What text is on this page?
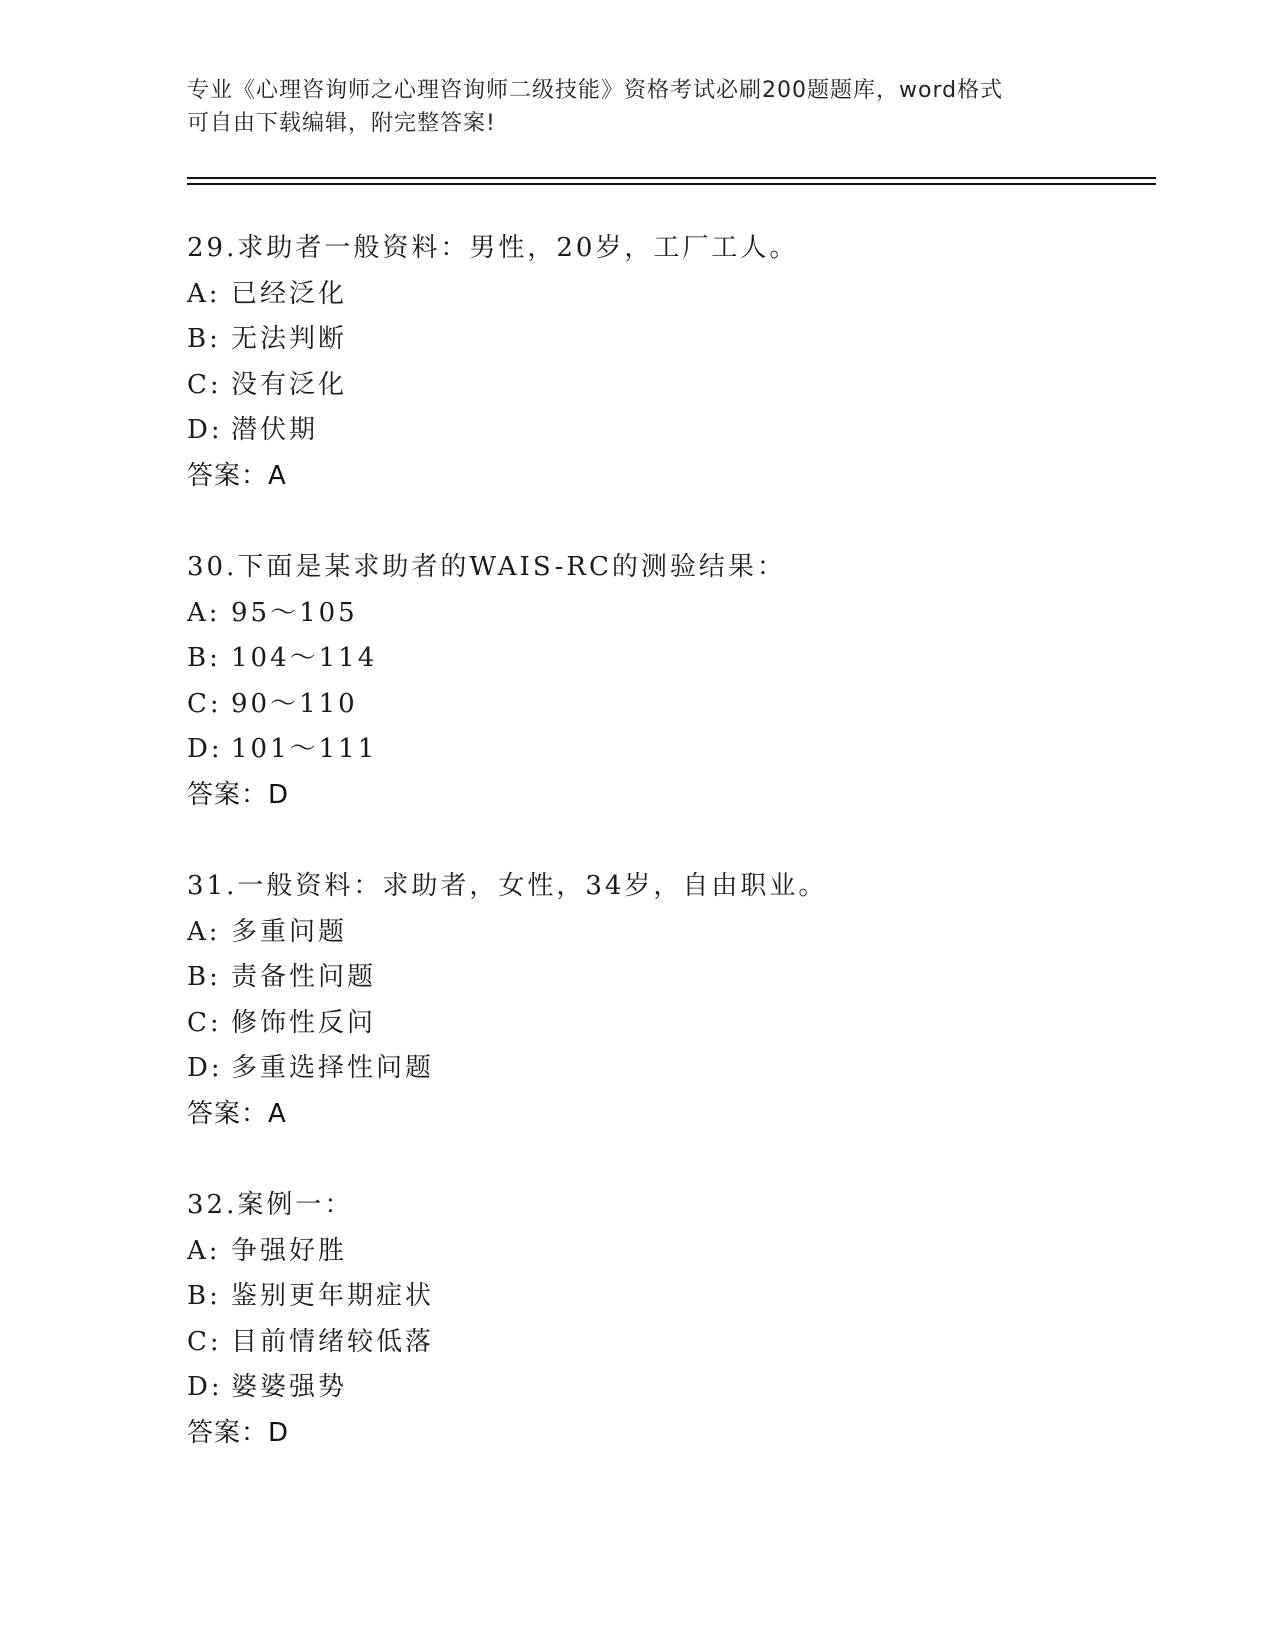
专业《心理咨询师之心理咨询师二级技能》资格考试必刷200题题库，word格式
可自由下载编辑，附完整答案!
29.求助者一般资料：男性，20岁，工厂工人。
A: 已经泛化
B: 无法判断
C: 没有泛化
D: 潜伏期
答案：A
30.下面是某求助者的WAIS-RC的测验结果：
A: 95～105
B: 104～114
C: 90～110
D: 101～111
答案：D
31.一般资料：求助者，女性，34岁，自由职业。
A: 多重问题
B: 责备性问题
C: 修饰性反问
D: 多重选择性问题
答案：A
32.案例一：
A: 争强好胜
B: 鉴别更年期症状
C: 目前情绪较低落
D: 婆婆强势
答案：D
